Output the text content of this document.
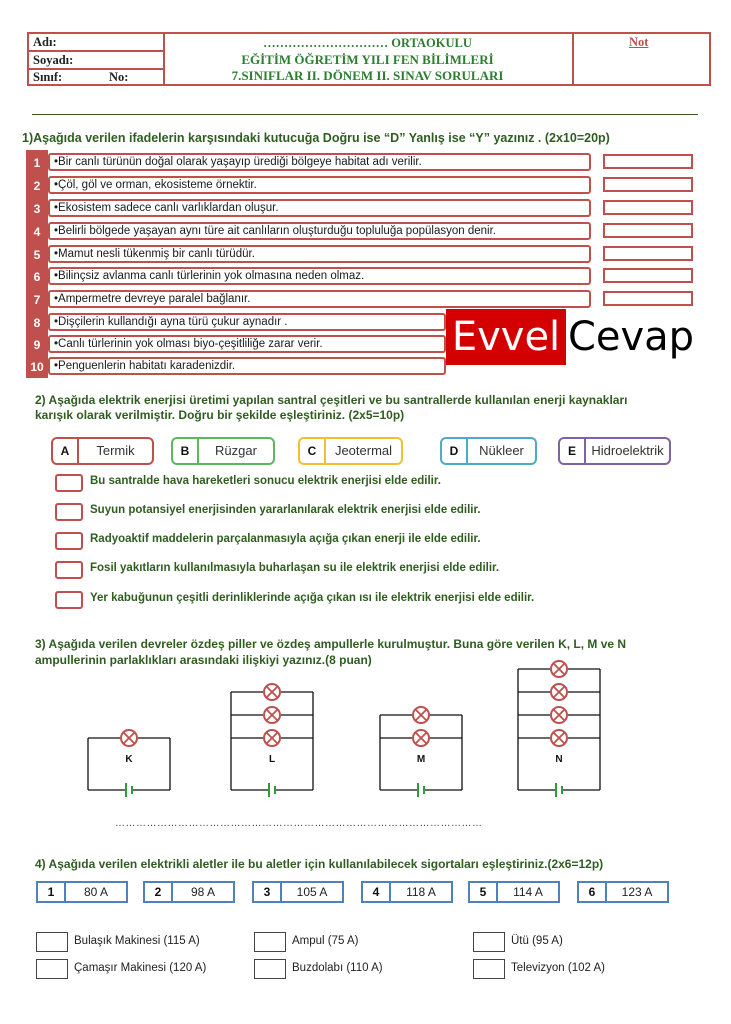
Adı:
Soyadı:
Sınıf:	No:
………………………… ORTAOKULU
EĞİTİM ÖĞRETİM YILI FEN BİLİMLERİ
7.SINIFLAR II. DÖNEM II. SINAV SORULARI
Not
1)Aşağıda verilen ifadelerin karşısındaki kutucuğa Doğru ise “D” Yanlış ise “Y” yazınız . (2x10=20p)
1	•Bir canlı türünün doğal olarak yaşayıp ürediği bölgeye habitat adı verilir.
2	•Çöl, göl ve orman, ekosisteme örnektir.
3	•Ekosistem sadece canlı varlıklardan oluşur.
4	•Belirli bölgede yaşayan aynı türe ait canlıların oluşturduğu topluluğa popülasyon denir.
5	•Mamut nesli tükenmiş bir canlı türüdür.
6	•Bilinçsiz avlanma canlı türlerinin yok olmasına neden olmaz.
7	•Ampermetre devreye paralel bağlanır.
8	•Dişçilerin kullandığı ayna türü çukur aynadır .
9	•Canlı türlerinin yok olması biyo-çeşitliliğe zarar verir.
10 •Penguenlerin habitatı karadenizdir.
Evvel Cevap
2) Aşağıda elektrik enerjisi üretimi yapılan santral çeşitleri ve bu santrallerde kullanılan enerji kaynakları
karışık olarak verilmiştir. Doğru bir şekilde eşleştiriniz. (2x5=10p)
A	Termik	B	Rüzgar	C	Jeotermal	D	Nükleer	E	Hidroelektrik
Bu santralde hava hareketleri sonucu elektrik enerjisi elde edilir.
Suyun potansiyel enerjisinden yararlanılarak elektrik enerjisi elde edilir.
Radyoaktif maddelerin parçalanmasıyla açığa çıkan enerji ile elde edilir.
Fosil yakıtların kullanılmasıyla buharlaşan su ile elektrik enerjisi elde edilir.
Yer kabuğunun çeşitli derinliklerinde açığa çıkan ısı ile elektrik enerjisi elde edilir.
3) Aşağıda verilen devreler özdeş piller ve özdeş ampullerle kurulmuştur. Buna göre verilen K, L, M ve N
ampullerinin parlaklıkları arasındaki ilişkiyi yazınız.(8 puan)
K	L	M	N
……………………………………………………………………………………………
4) Aşağıda verilen elektrikli aletler ile bu aletler için kullanılabilecek sigortaları eşleştiriniz.(2x6=12p)
1	80 A	2	98 A	3	105 A	4	118 A	5	114 A	6	123 A
Bulaşık Makinesi (115 A)	Ampul (75 A)	Ütü (95 A)
Çamaşır Makinesi (120 A)	Buzdolabı (110 A)	Televizyon (102 A)
